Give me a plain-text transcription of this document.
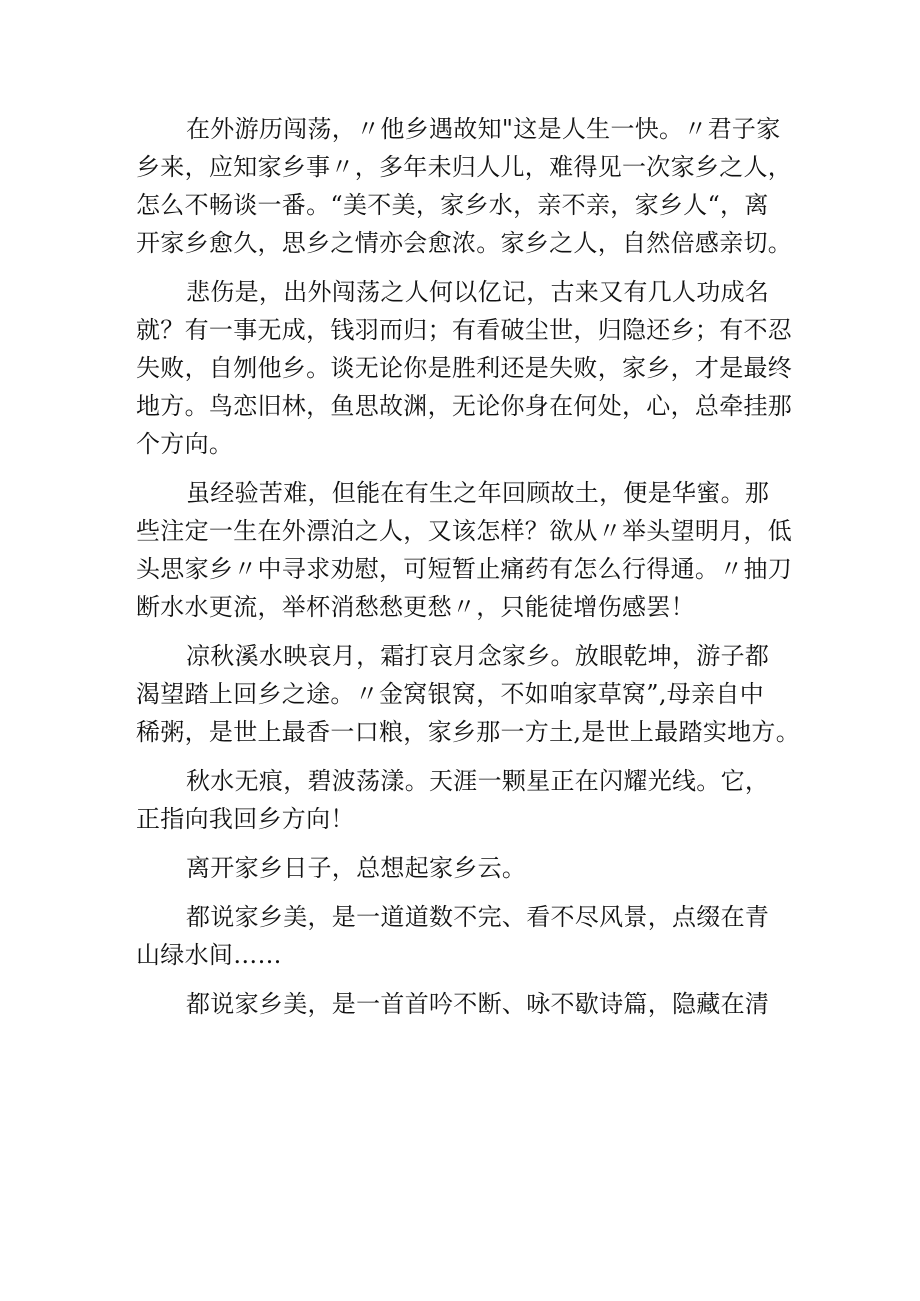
在外游历闯荡，〃他乡遇故知"这是人生一快。〃君子家
乡来，应知家乡事〃，多年未归人儿，难得见一次家乡之人，
怎么不畅谈一番。“美不美，家乡水，亲不亲，家乡人“，离
开家乡愈久，思乡之情亦会愈浓。家乡之人，自然倍感亲切。

悲伤是，出外闯荡之人何以亿记，古来又有几人功成名
就？有一事无成，钱羽而归；有看破尘世，归隐还乡；有不忍
失败，自刎他乡。谈无论你是胜利还是失败，家乡，才是最终
地方。鸟恋旧林，鱼思故渊，无论你身在何处，心，总牵挂那
个方向。

虽经验苦难，但能在有生之年回顾故土，便是华蜜。那
些注定一生在外漂泊之人，又该怎样？欲从〃举头望明月，低
头思家乡〃中寻求劝慰，可短暂止痛药有怎么行得通。〃抽刀
断水水更流，举杯消愁愁更愁〃，只能徒增伤感罢！

凉秋溪水映哀月，霜打哀月念家乡。放眼乾坤，游子都
渴望踏上回乡之途。〃金窝银窝，不如咱家草窝”,母亲自中
稀粥，是世上最香一口粮，家乡那一方土,是世上最踏实地方。

秋水无痕，碧波荡漾。天涯一颗星正在闪耀光线。它，
正指向我回乡方向！

离开家乡日子，总想起家乡云。

都说家乡美，是一道道数不完、看不尽风景，点缀在青
山绿水间……

都说家乡美，是一首首吟不断、咏不歇诗篇，隐藏在清
